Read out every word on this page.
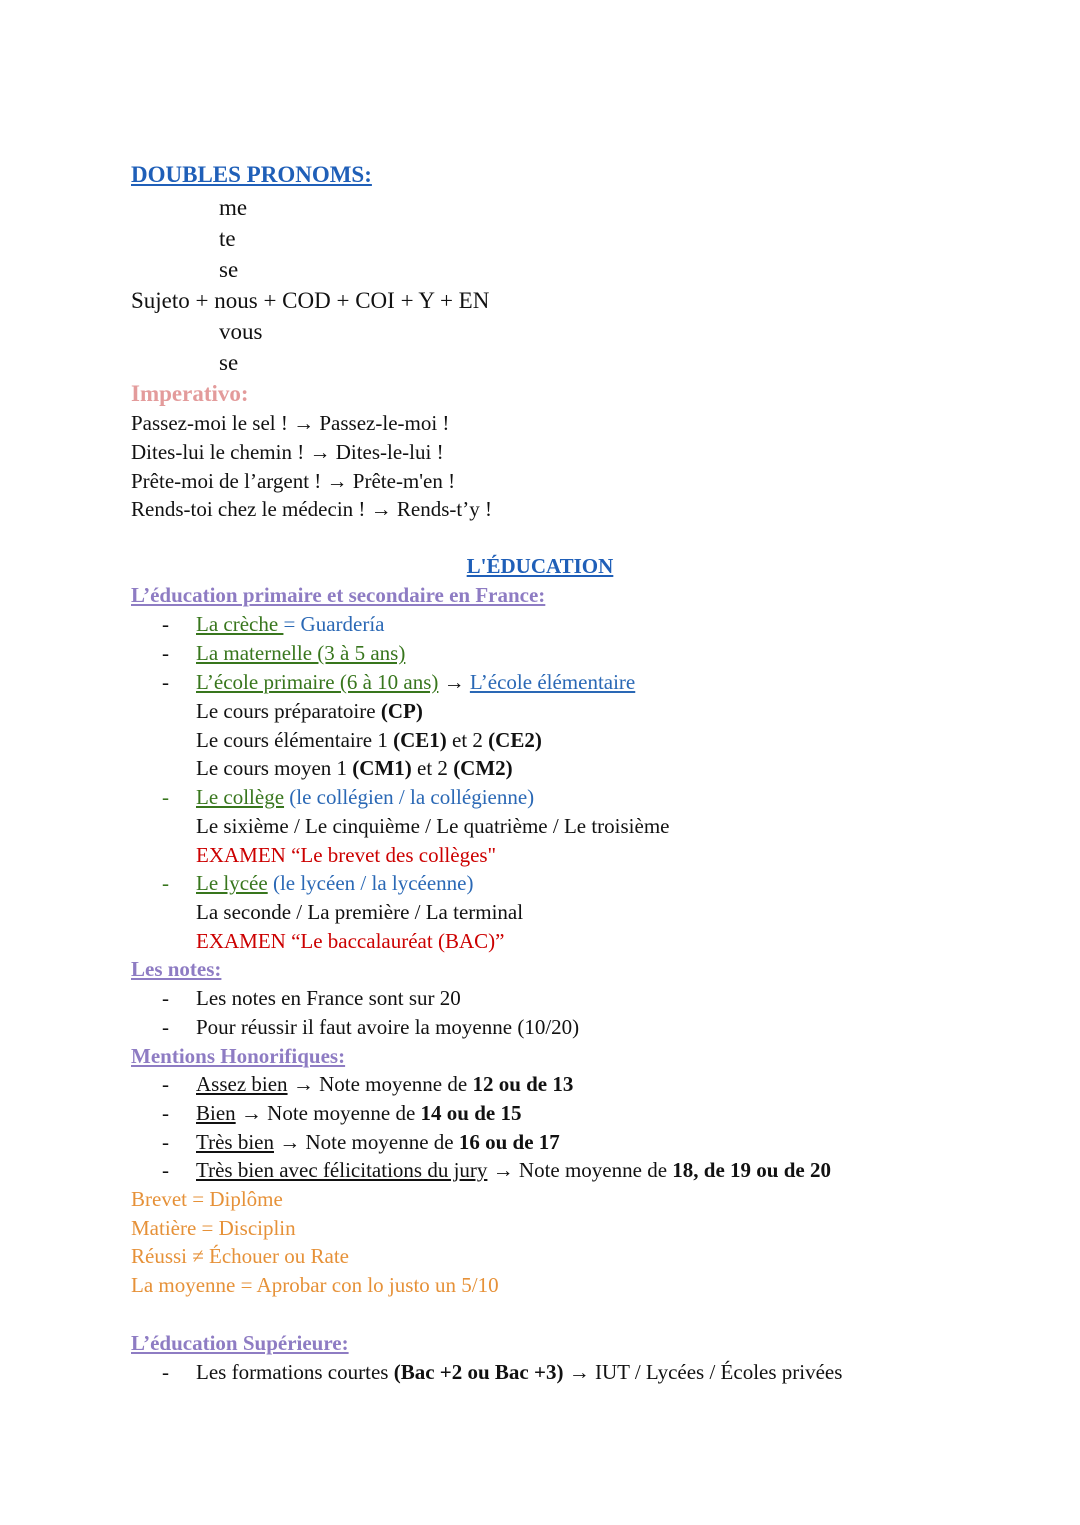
DOUBLES PRONOMS:
me
te
se
Sujeto + nous + COD + COI + Y + EN
vous
se
Imperativo:
Passez-moi le sel ! → Passez-le-moi !
Dites-lui le chemin ! → Dites-le-lui !
Prête-moi de l’argent ! → Prête-m'en !
Rends-toi chez le médecin ! → Rends-t’y !
L'ÉDUCATION
L’éducation primaire et secondaire en France:
- La crèche = Guardería
- La maternelle (3 à 5 ans)
- L’école primaire (6 à 10 ans) → L’école élémentaire
Le cours préparatoire (CP)
Le cours élémentaire 1 (CE1) et 2 (CE2)
Le cours moyen 1 (CM1) et 2 (CM2)
- Le collège (le collégien / la collégienne)
Le sixième / Le cinquième / Le quatrième / Le troisième
EXAMEN “Le brevet des collèges"
- Le lycée (le lycéen / la lycéenne)
La seconde / La première / La terminal
EXAMEN “Le baccalauréat (BAC)”
Les notes:
- Les notes en France sont sur 20
- Pour réussir il faut avoire la moyenne (10/20)
Mentions Honorifiques:
- Assez bien → Note moyenne de 12 ou de 13
- Bien → Note moyenne de 14 ou de 15
- Très bien → Note moyenne de 16 ou de 17
- Très bien avec félicitations du jury → Note moyenne de 18, de 19 ou de 20
Brevet = Diplôme
Matière = Disciplin
Réussi ≠ Échouer ou Rate
La moyenne = Aprobar con lo justo un 5/10
L’éducation Supérieure:
- Les formations courtes (Bac +2 ou Bac +3) → IUT / Lycées / Écoles privées
